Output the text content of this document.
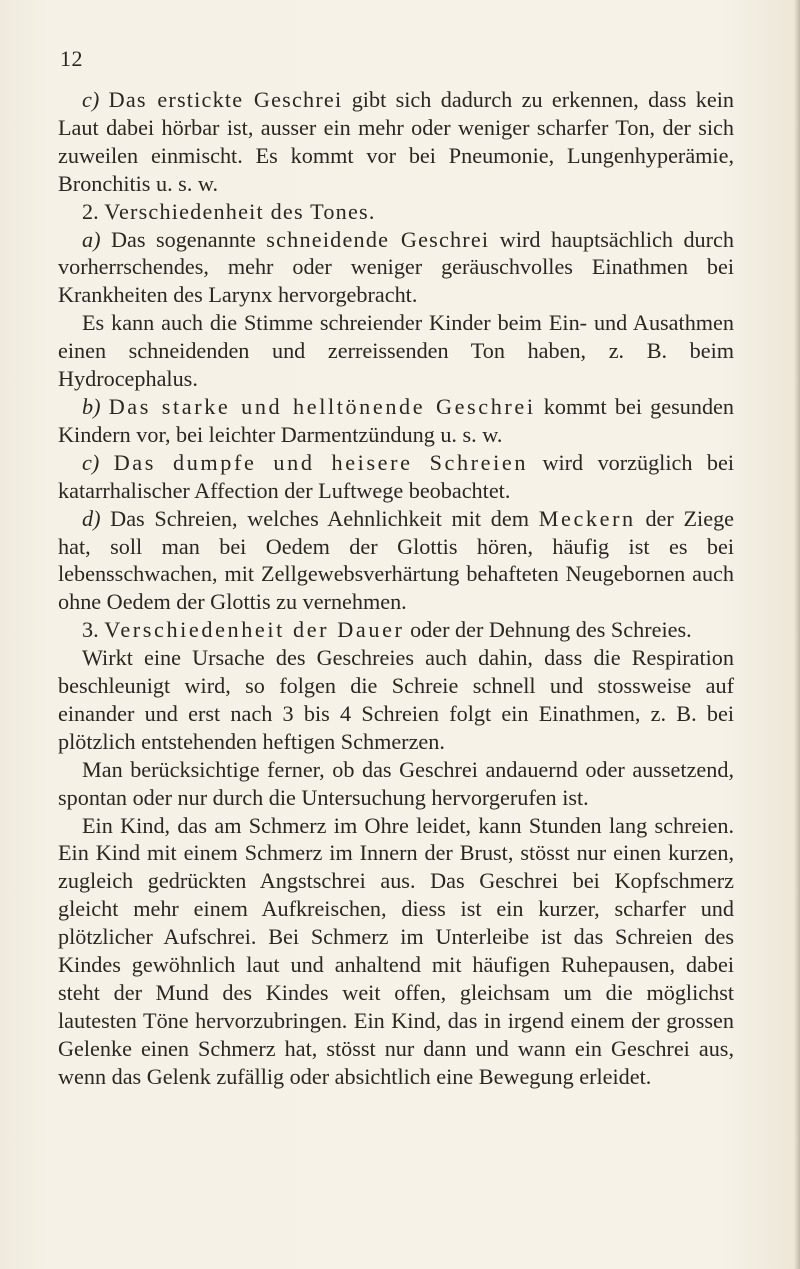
12

c) Das erstickte Geschrei gibt sich dadurch zu erkennen, dass kein Laut dabei hörbar ist, ausser ein mehr oder weniger scharfer Ton, der sich zuweilen einmischt. Es kommt vor bei Pneumonie, Lungenhyperämie, Bronchitis u. s. w.

2. Verschiedenheit des Tones.

a) Das sogenannte schneidende Geschrei wird hauptsächlich durch vorherrschendes, mehr oder weniger geräuschvolles Einathmen bei Krankheiten des Larynx hervorgebracht.

Es kann auch die Stimme schreiender Kinder beim Ein- und Ausathmen einen schneidenden und zerreissenden Ton haben, z. B. beim Hydrocephalus.

b) Das starke und helltönende Geschrei kommt bei gesunden Kindern vor, bei leichter Darmentzündung u. s. w.

c) Das dumpfe und heisere Schreien wird vorzüglich bei katarrhalischer Affection der Luftwege beobachtet.

d) Das Schreien, welches Aehnlichkeit mit dem Meckern der Ziege hat, soll man bei Oedem der Glottis hören, häufig ist es bei lebensschwachen, mit Zellgewebsverhärtung behafteten Neugebornen auch ohne Oedem der Glottis zu vernehmen.

3. Verschiedenheit der Dauer oder der Dehnung des Schreies.

Wirkt eine Ursache des Geschreies auch dahin, dass die Respiration beschleunigt wird, so folgen die Schreie schnell und stossweise auf einander und erst nach 3 bis 4 Schreien folgt ein Einathmen, z. B. bei plötzlich entstehenden heftigen Schmerzen.

Man berücksichtige ferner, ob das Geschrei andauernd oder aussetzend, spontan oder nur durch die Untersuchung hervorgerufen ist.

Ein Kind, das am Schmerz im Ohre leidet, kann Stunden lang schreien. Ein Kind mit einem Schmerz im Innern der Brust, stösst nur einen kurzen, zugleich gedrückten Angstschrei aus. Das Geschrei bei Kopfschmerz gleicht mehr einem Aufkreischen, diess ist ein kurzer, scharfer und plötzlicher Aufschrei. Bei Schmerz im Unterleibe ist das Schreien des Kindes gewöhnlich laut und anhaltend mit häufigen Ruhepausen, dabei steht der Mund des Kindes weit offen, gleichsam um die möglichst lautesten Töne hervorzubringen. Ein Kind, das in irgend einem der grossen Gelenke einen Schmerz hat, stösst nur dann und wann ein Geschrei aus, wenn das Gelenk zufällig oder absichtlich eine Bewegung erleidet.
